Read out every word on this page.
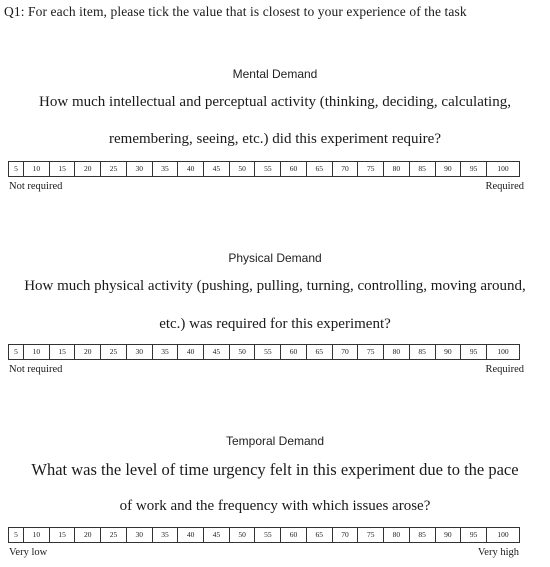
Q1: For each item, please tick the value that is closest to your experience of the task
Mental Demand
How much intellectual and perceptual activity (thinking, deciding, calculating,
remembering, seeing, etc.) did this experiment require?
5	10	15	20	25	30	35	40	45	50	55	60	65	70	75	80	85	90	95	100
Not required	Required
Physical Demand
How much physical activity (pushing, pulling, turning, controlling, moving around,
etc.) was required for this experiment?
5	10	15	20	25	30	35	40	45	50	55	60	65	70	75	80	85	90	95	100
Not required	Required
Temporal Demand
What was the level of time urgency felt in this experiment due to the pace
of work and the frequency with which issues arose?
5	10	15	20	25	30	35	40	45	50	55	60	65	70	75	80	85	90	95	100
Very low	Very high
